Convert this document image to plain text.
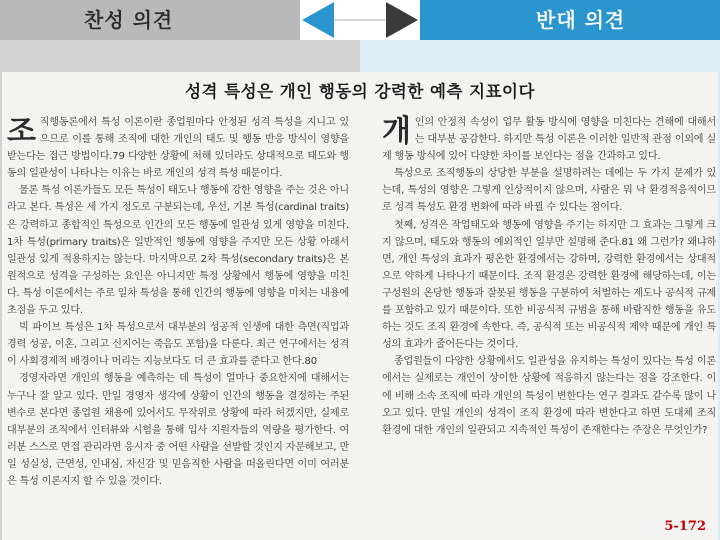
찬성 의견	반대 의견
성격 특성은 개인 행동의 강력한 예측 지표이다
조 직행동론에서 특성 이론이란 종업원마다 안정된 성격 특성을 지니고 있으므로 이를 통해 조직에 대한 개인의 태도 및 행동 반응 방식이 영향을 받는다는 접근 방법이다.79 다양한 상황에 처해 있더라도 상대적으로 태도와 행동의 일관성이 나타나는 이유는 바로 개인의 성격 특성 때문이다.

물론 특성 이론가들도 모든 특성이 태도나 행동에 강한 영향을 주는 것은 아니라고 본다. 특성은 세 가지 정도로 구분되는데, 우선, 기본 특성(cardinal traits)은 강력하고 종합적인 특성으로 인간의 모든 행동에 일관성 있게 영향을 미친다. 1차 특성(primary traits)은 일반적인 행동에 영향을 주지만 모든 상황 아래서 일관성 있게 적용하지는 않는다. 마지막으로 2차 특성(secondary traits)은 본원적으로 성격을 구성하는 요인은 아니지만 특정 상황에서 행동에 영향을 미친다. 특성 이론에서는 주로 일차 특성을 통해 인간의 행동에 영향을 미치는 내용에 초점을 두고 있다.

빅 파이브 특성은 1차 특성으로서 대부분의 성공적 인생에 대한 측면(직업과 경력 성공, 이혼, 그리고 신지어는 죽음도 포함)을 다룬다. 최근 연구에서는 성격이 사회경제적 배경이나 머리는 지능보다도 더 큰 효과를 준다고 한다.80

경영자라면 개인의 행동을 예측하는 데 특성이 얼마나 중요한지에 대해서는 누구나 잘 알고 있다. 만일 경영자 생각에 상황이 인간의 행동을 결정하는 주된 변수로 본다면 종업원 채용에 있어서도 무작위로 상황에 따라 허겠지만, 실제로 대부분의 조직에서 인터뷰와 시험을 통해 입사 지원자들의 역량을 평가한다. 여러분 스스로 면접 관리라면 응시자 중 어떤 사람을 선발할 것인지 자문해보고, 만일 성실성, 근면성, 인내심, 자신감 및 믿음직한 사람을 떠올린다면 이미 여러분은 특성 이론지지 할 수 있을 것이다.

개 인의 안정적 속성이 업무 활동 방식에 영향을 미친다는 견해에 대해서는 대부분 공감한다. 하지만 특성 이론은 이러한 일반적 관점 이외에 실제 행동 방식에 있어 다양한 차이를 보인다는 점을 간과하고 있다.

특성으로 조직행동의 상당한 부분을 설명하려는 데에는 두 가지 문제가 있는데, 특성의 영향은 그렇게 인상적이지 않으며, 사람은 뭐 낙 환경적응적이므로 성격 특성도 환경 변화에 따라 바뀔 수 있다는 점이다.

첫째, 성격은 작업태도와 행동에 영향을 주기는 하지만 그 효과는 그렇게 크지 않으며, 태도와 행동의 예외적인 일부만 설명해 준다.81 왜 그런가? 왜냐하면, 개인 특성의 효과가 평온한 환경에서는 강하며, 강력한 환경에서는 상대적으로 약하게 나타나기 때문이다. 조직 환경은 강력한 환경에 해당하는데, 이는 구성원의 온당한 행동과 잘못된 행동을 구분하여 처벌하는 제도나 공식적 규제를 포함하고 있기 때문이다. 또한 비공식적 규범을 통해 바람직한 행동을 유도하는 것도 조직 환경에 속한다. 즉, 공식적 또는 비공식적 제약 때문에 개인 특성의 효과가 줄어든다는 것이다.

종업원들이 다양한 상황에서도 일관성을 유지하는 특성이 있다는 특성 이론에서는 실제로는 개인이 상이한 상황에 적응하지 않는다는 점을 강조한다. 이에 비해 소속 조직에 따라 개인의 특성이 변한다는 연구 결과도 같수록 많이 나오고 있다. 만일 개인의 성격이 조직 환경에 따라 변한다고 하면 도대체 조직 환경에 대한 개인의 일관되고 지속적인 특성이 존재한다는 주장은 무엇인가?

5-172
